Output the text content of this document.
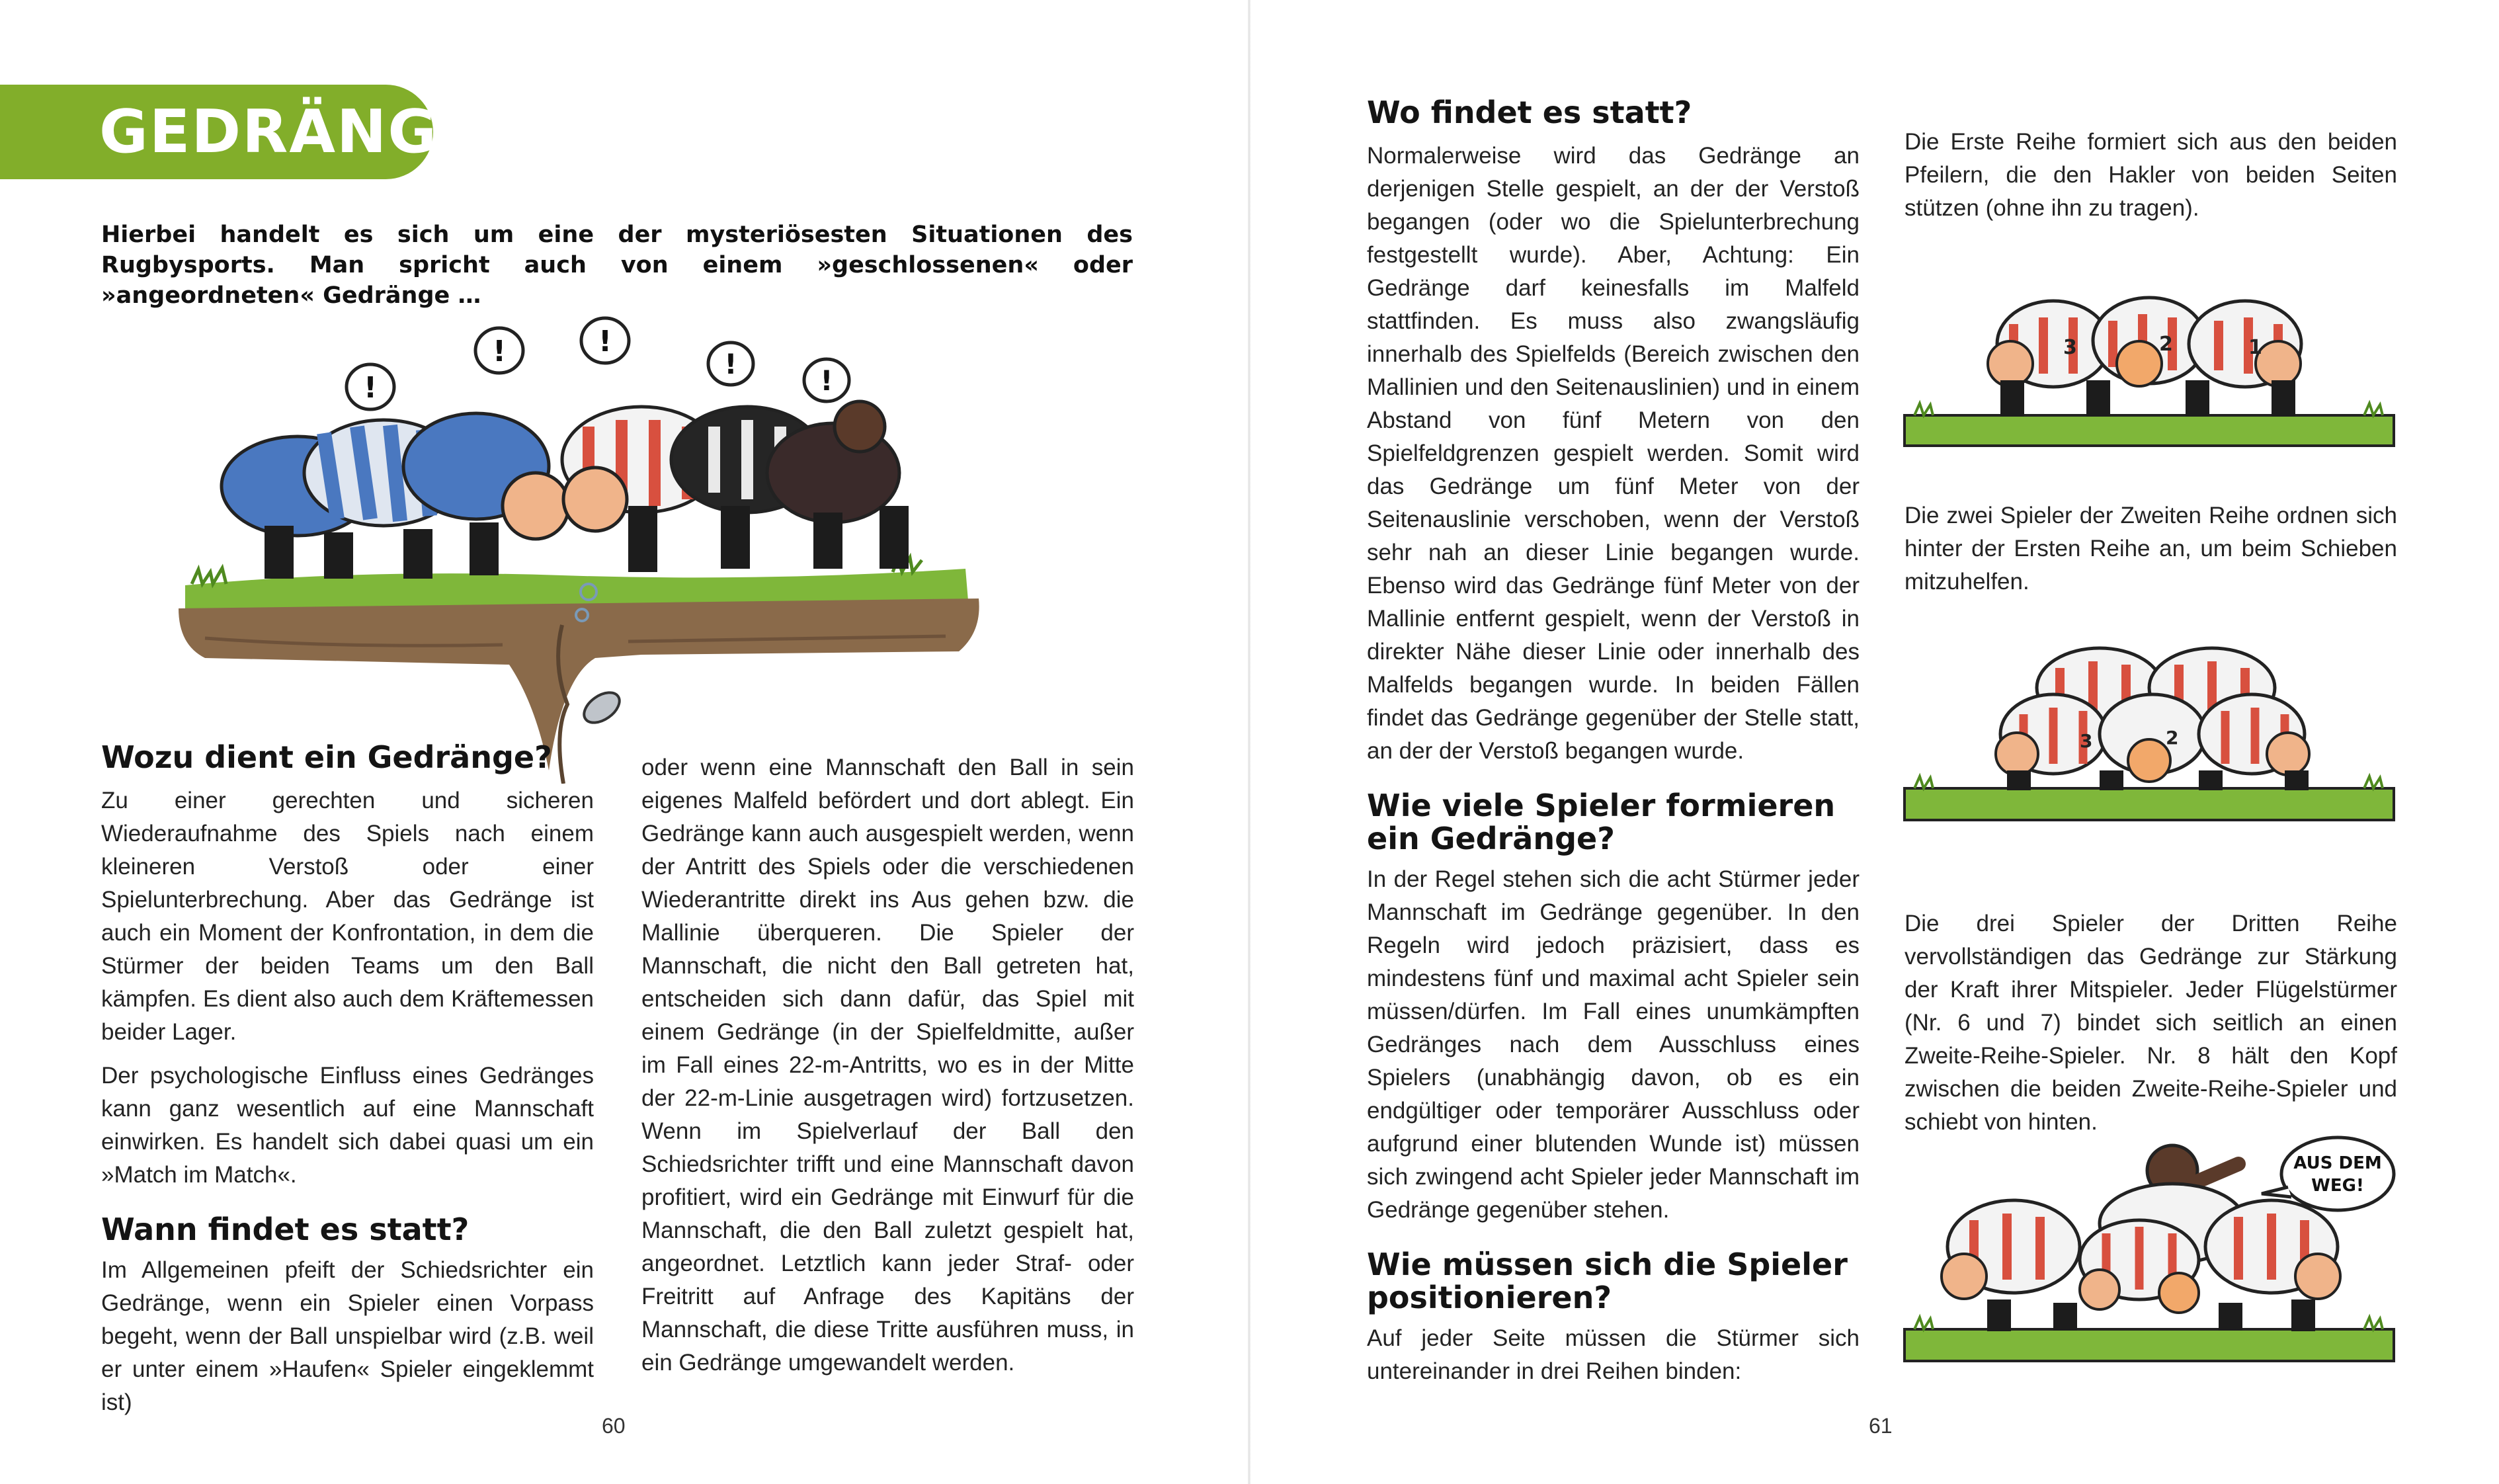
GEDRÄNGE
Hierbei handelt es sich um eine der mysteriösesten Situationen des Rugbysports. Man spricht auch von einem »geschlossenen« oder »angeordneten« Gedränge …
!
!	!
!
!
Wozu dient ein Gedränge?

Zu einer gerechten und sicheren Wiederaufnahme des Spiels nach einem kleineren Verstoß oder einer Spielunterbrechung. Aber das Gedränge ist auch ein Moment der Konfrontation, in dem die Stürmer der beiden Teams um den Ball kämpfen. Es dient also auch dem Kräftemessen beider Lager.

Der psychologische Einfluss eines Gedränges kann ganz wesentlich auf eine Mannschaft einwirken. Es handelt sich dabei quasi um ein »Match im Match«.

Wann findet es statt?

Im Allgemeinen pfeift der Schiedsrichter ein Gedränge, wenn ein Spieler einen Vorpass begeht, wenn der Ball unspielbar wird (z.B. weil er unter einem »Haufen« Spieler eingeklemmt ist)

oder wenn eine Mannschaft den Ball in sein eigenes Malfeld befördert und dort ablegt. Ein Gedränge kann auch ausgespielt werden, wenn der Antritt des Spiels oder die verschiedenen Wiederantritte direkt ins Aus gehen bzw. die Mallinie überqueren. Die Spieler der Mannschaft, die nicht den Ball getreten hat, entscheiden sich dann dafür, das Spiel mit einem Gedränge (in der Spielfeldmitte, außer im Fall eines 22-m-Antritts, wo es in der Mitte der 22-m-Linie ausgetragen wird) fortzusetzen. Wenn im Spielverlauf der Ball den Schiedsrichter trifft und eine Mannschaft davon profitiert, wird ein Gedränge mit Einwurf für die Mannschaft, die den Ball zuletzt gespielt hat, angeordnet. Letztlich kann jeder Straf- oder Freitritt auf Anfrage des Kapitäns der Mannschaft, die diese Tritte ausführen muss, in ein Gedränge umgewandelt werden.

60
Wo findet es statt?

Normalerweise wird das Gedränge an derjenigen Stelle gespielt, an der der Verstoß begangen (oder wo die Spielunterbrechung festgestellt wurde). Aber, Achtung: Ein Gedränge darf keinesfalls im Malfeld stattfinden. Es muss also zwangsläufig innerhalb des Spielfelds (Bereich zwischen den Mallinien und den Seitenauslinien) und in einem Abstand von fünf Metern von den Spielfeldgrenzen gespielt werden. Somit wird das Gedränge um fünf Meter von der Seitenauslinie verschoben, wenn der Verstoß sehr nah an dieser Linie begangen wurde. Ebenso wird das Gedränge fünf Meter von der Mallinie entfernt gespielt, wenn der Verstoß in direkter Nähe dieser Linie oder innerhalb des Malfelds begangen wurde. In beiden Fällen findet das Gedränge gegenüber der Stelle statt, an der der Verstoß begangen wurde.

Wie viele Spieler formieren ein Gedränge?

In der Regel stehen sich die acht Stürmer jeder Mannschaft im Gedränge gegenüber. In den Regeln wird jedoch präzisiert, dass es mindestens fünf und maximal acht Spieler sein müssen/dürfen. Im Fall eines unumkämpften Gedränges nach dem Ausschluss eines Spielers (unabhängig davon, ob es ein endgültiger oder temporärer Ausschluss oder aufgrund einer blutenden Wunde ist) müssen sich zwingend acht Spieler jeder Mannschaft im Gedränge gegenüber stehen.

Wie müssen sich die Spieler positionieren?

Auf jeder Seite müssen die Stürmer sich untereinander in drei Reihen binden:

Die Erste Reihe formiert sich aus den beiden Pfeilern, die den Hakler von beiden Seiten stützen (ohne ihn zu tragen).
3	2	1
Die zwei Spieler der Zweiten Reihe ordnen sich hinter der Ersten Reihe an, um beim Schieben mitzuhelfen.
3	2
Die drei Spieler der Dritten Reihe vervollständigen das Gedränge zur Stärkung der Kraft ihrer Mitspieler. Jeder Flügelstürmer (Nr. 6 und 7) bindet sich seitlich an einen Zweite-Reihe-Spieler. Nr. 8 hält den Kopf zwischen die beiden Zweite-Reihe-Spieler und schiebt von hinten.
AUS DEM
WEG!
61
